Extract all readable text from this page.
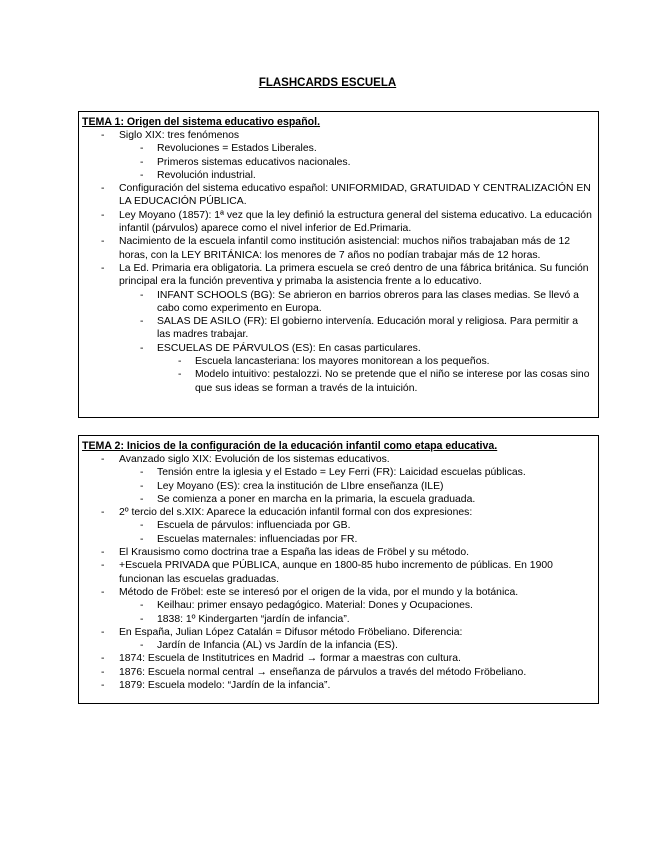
FLASHCARDS ESCUELA
TEMA 1: Origen del sistema educativo español.
- Siglo XIX: tres fenómenos
- Revoluciones = Estados Liberales.
- Primeros sistemas educativos nacionales.
- Revolución industrial.
- Configuración del sistema educativo español: UNIFORMIDAD, GRATUIDAD Y CENTRALIZACIÓN EN LA EDUCACIÓN PÚBLICA.
- Ley Moyano (1857): 1ª vez que la ley definió la estructura general del sistema educativo. La educación infantil (párvulos) aparece como el nivel inferior de Ed.Primaria.
- Nacimiento de la escuela infantil como institución asistencial: muchos niños trabajaban más de 12 horas, con la LEY BRITÁNICA: los menores de 7 años no podían trabajar más de 12 horas.
- La Ed. Primaria era obligatoria. La primera escuela se creó dentro de una fábrica británica. Su función principal era la función preventiva y primaba la asistencia frente a lo educativo.
- INFANT SCHOOLS (BG): Se abrieron en barrios obreros para las clases medias. Se llevó a cabo como experimento en Europa.
- SALAS DE ASILO (FR): El gobierno intervenía. Educación moral y religiosa. Para permitir a las madres trabajar.
- ESCUELAS DE PÁRVULOS (ES): En casas particulares.
- Escuela lancasteriana: los mayores monitorean a los pequeños.
- Modelo intuitivo: pestalozzi. No se pretende que el niño se interese por las cosas sino que sus ideas se forman a través de la intuición.
TEMA 2: Inicios de la configuración de la educación infantil como etapa educativa.
- Avanzado siglo XIX: Evolución de los sistemas educativos.
- Tensión entre la iglesia y el Estado = Ley Ferri (FR): Laicidad escuelas públicas.
- Ley Moyano (ES): crea la institución de LIbre enseñanza (ILE)
- Se comienza a poner en marcha en la primaria, la escuela graduada.
- 2º tercio del s.XIX: Aparece la educación infantil formal con dos expresiones:
- Escuela de párvulos: influenciada por GB.
- Escuelas maternales: influenciadas por FR.
- El Krausismo como doctrina trae a España las ideas de Fröbel y su método.
- +Escuela PRIVADA que PÚBLICA, aunque en 1800-85 hubo incremento de públicas. En 1900 funcionan las escuelas graduadas.
- Método de Fröbel: este se interesó por el origen de la vida, por el mundo y la botánica.
- Keilhau: primer ensayo pedagógico. Material: Dones y Ocupaciones.
- 1838: 1º Kindergarten “jardín de infancia”.
- En España, Julian López Catalán = Difusor método Fröbeliano. Diferencia:
- Jardín de Infancia (AL) vs Jardín de la infancia (ES).
- 1874: Escuela de Institutrices en Madrid → formar a maestras con cultura.
- 1876: Escuela normal central → enseñanza de párvulos a través del método Fröbeliano.
- 1879: Escuela modelo: “Jardín de la infancia”.
